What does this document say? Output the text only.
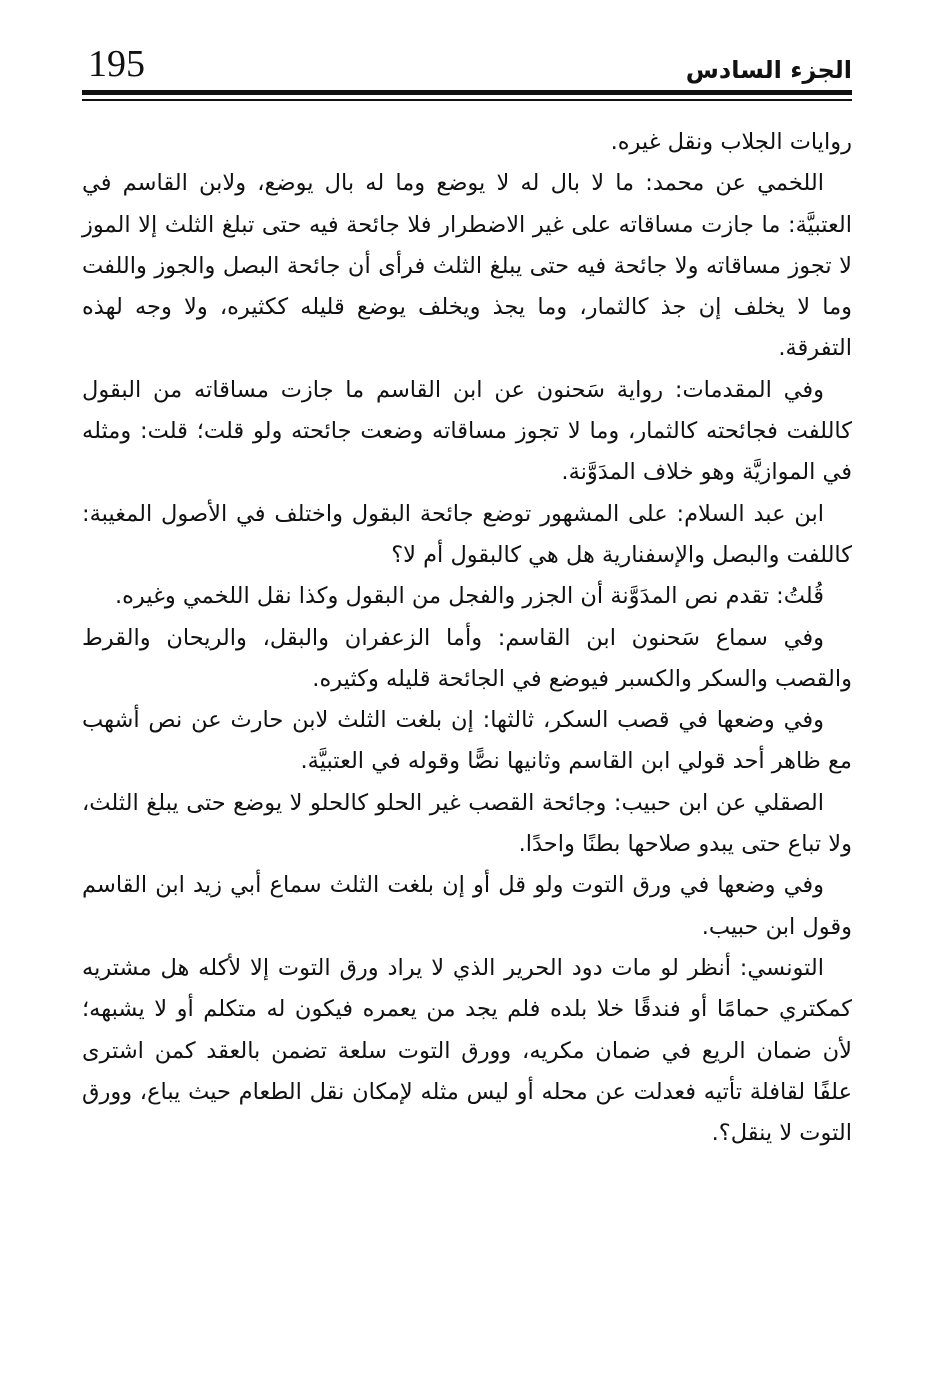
195	الجزء السادس

روايات الجلاب ونقل غيره.

اللخمي عن محمد: ما لا بال له لا يوضع وما له بال يوضع، ولابن القاسم في العتبيَّة: ما جازت مساقاته على غير الاضطرار فلا جائحة فيه حتى تبلغ الثلث إلا الموز لا تجوز مساقاته ولا جائحة فيه حتى يبلغ الثلث فرأى أن جائحة البصل والجوز واللفت وما لا يخلف إن جذ كالثمار، وما يجذ ويخلف يوضع قليله ككثيره، ولا وجه لهذه التفرقة.

وفي المقدمات: رواية سَحنون عن ابن القاسم ما جازت مساقاته من البقول كاللفت فجائحته كالثمار، وما لا تجوز مساقاته وضعت جائحته ولو قلت؛ قلت: ومثله في الموازيَّة وهو خلاف المدَوَّنة.

ابن عبد السلام: على المشهور توضع جائحة البقول واختلف في الأصول المغيبة: كاللفت والبصل والإسفنارية هل هي كالبقول أم لا؟

قُلتُ: تقدم نص المدَوَّنة أن الجزر والفجل من البقول وكذا نقل اللخمي وغيره.

وفي سماع سَحنون ابن القاسم: وأما الزعفران والبقل، والريحان والقرط والقصب والسكر والكسبر فيوضع في الجائحة قليله وكثيره.

وفي وضعها في قصب السكر، ثالثها: إن بلغت الثلث لابن حارث عن نص أشهب مع ظاهر أحد قولي ابن القاسم وثانيها نصًّا وقوله في العتبيَّة.

الصقلي عن ابن حبيب: وجائحة القصب غير الحلو كالحلو لا يوضع حتى يبلغ الثلث، ولا تباع حتى يبدو صلاحها بطنًا واحدًا.

وفي وضعها في ورق التوت ولو قل أو إن بلغت الثلث سماع أبي زيد ابن القاسم وقول ابن حبيب.

التونسي: أنظر لو مات دود الحرير الذي لا يراد ورق التوت إلا لأكله هل مشتريه كمكتري حمامًا أو فندقًا خلا بلده فلم يجد من يعمره فيكون له متكلم أو لا يشبهه؛ لأن ضمان الريع في ضمان مكريه، وورق التوت سلعة تضمن بالعقد كمن اشترى علفًا لقافلة تأتيه فعدلت عن محله أو ليس مثله لإمكان نقل الطعام حيث يباع، وورق التوت لا ينقل؟.
